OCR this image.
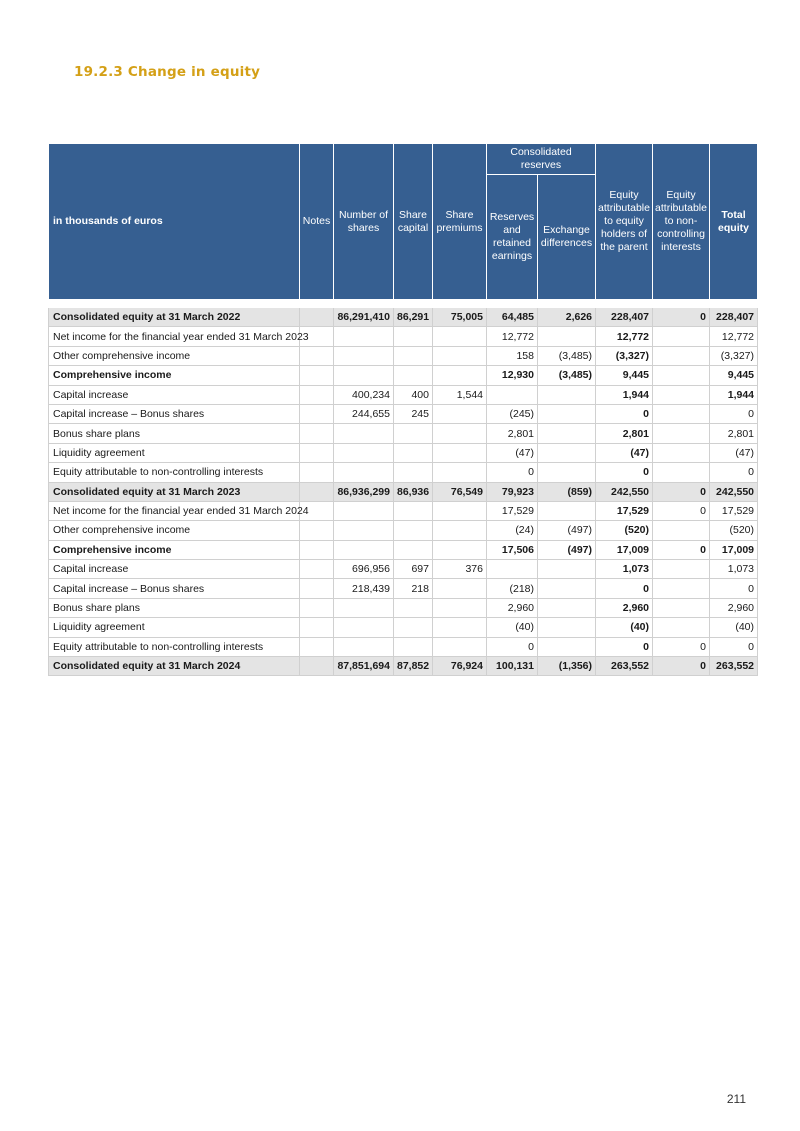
19.2.3 Change in equity
in thousands of euros	Notes	Number of shares	Share capital	Share premiums	Consolidated reserves		Equity attributable to equity holders of the parent	Equity attributable to non-controlling interests	Total equity
					Reserves and retained earnings	Exchange differences			

Consolidated equity at 31 March 2022		86,291,410	86,291	75,005	64,485	2,626	228,407	0	228,407
Net income for the financial year ended 31 March 2023					12,772		12,772		12,772
Other comprehensive income					158	(3,485)	(3,327)		(3,327)
Comprehensive income					12,930	(3,485)	9,445		9,445
Capital increase		400,234	400	1,544			1,944		1,944
Capital increase – Bonus shares		244,655	245		(245)		0		0
Bonus share plans					2,801		2,801		2,801
Liquidity agreement					(47)		(47)		(47)
Equity attributable to non-controlling interests					0		0		0
Consolidated equity at 31 March 2023		86,936,299	86,936	76,549	79,923	(859)	242,550	0	242,550
Net income for the financial year ended 31 March 2024					17,529		17,529	0	17,529
Other comprehensive income					(24)	(497)	(520)		(520)
Comprehensive income					17,506	(497)	17,009	0	17,009
Capital increase		696,956	697	376			1,073		1,073
Capital increase – Bonus shares		218,439	218		(218)		0		0
Bonus share plans					2,960		2,960		2,960
Liquidity agreement					(40)		(40)		(40)
Equity attributable to non-controlling interests					0		0	0	0
Consolidated equity at 31 March 2024		87,851,694	87,852	76,924	100,131	(1,356)	263,552	0	263,552
211
